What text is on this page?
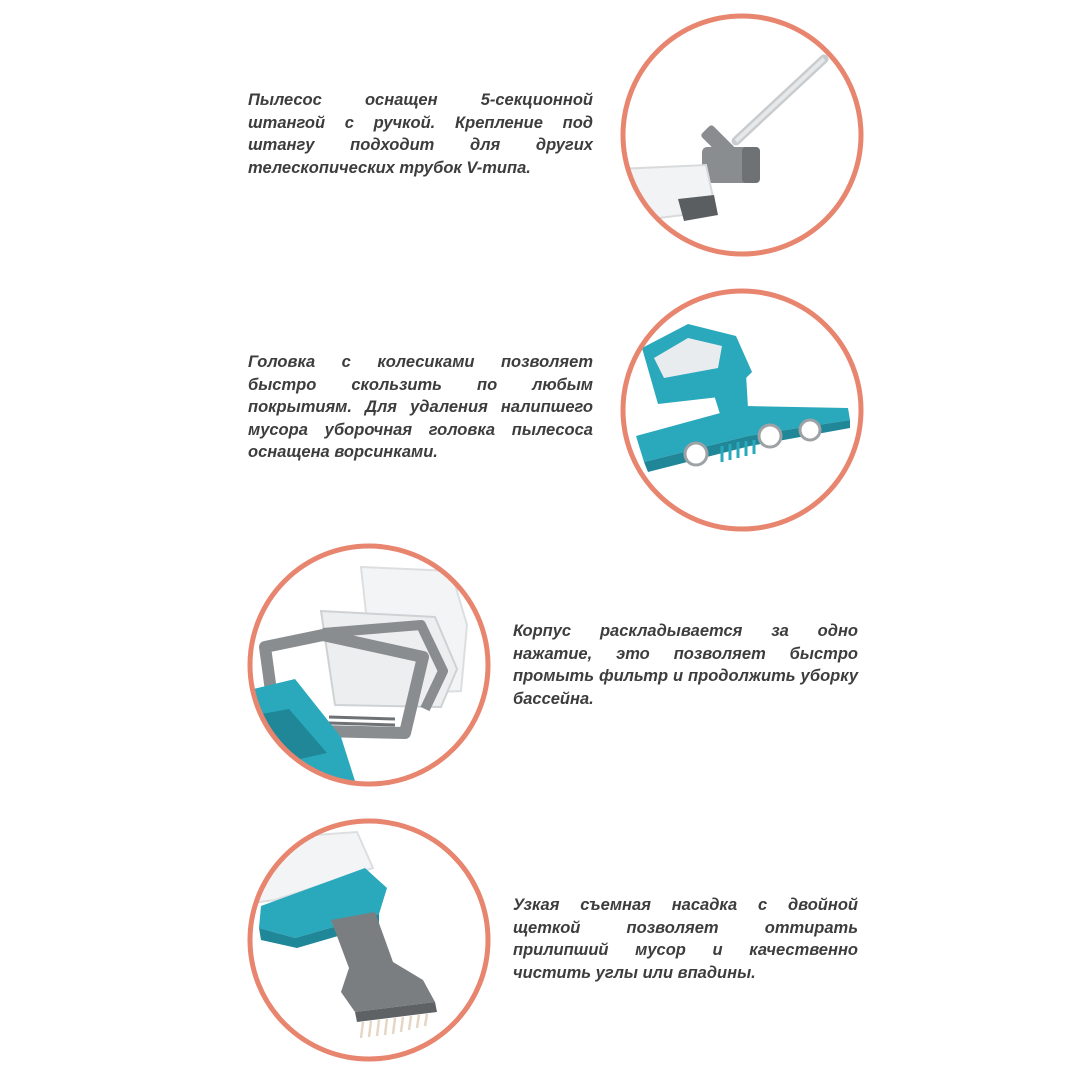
Пылесос оснащен 5-секционной штангой с ручкой. Крепление под штангу подходит для других телескопических трубок V-типа.

Головка с колесиками позволяет быстро скользить по любым покрытиям. Для удаления налипшего мусора уборочная головка пылесоса оснащена ворсинками.

Корпус раскладывается за одно нажатие, это позволяет быстро промыть фильтр и продолжить уборку бассейна.

Узкая съемная насадка с двойной щеткой позволяет оттирать прилипший мусор и качественно чистить углы или впадины.
